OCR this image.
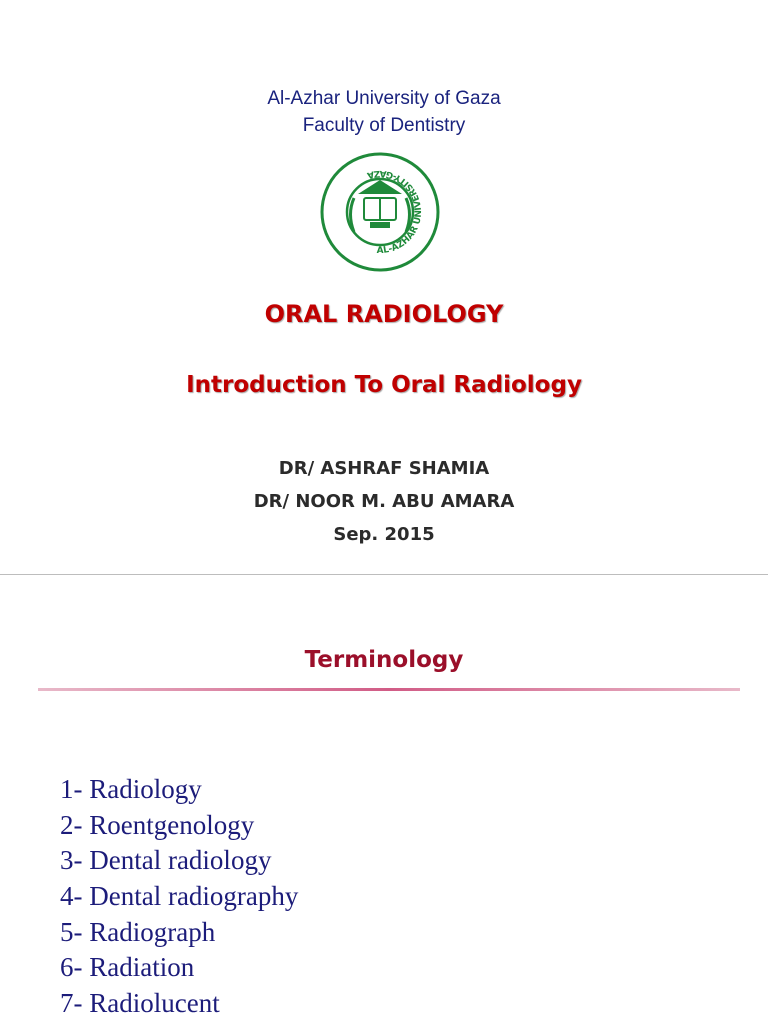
Al-Azhar University of Gaza
Faculty of Dentistry
AL-AZHAR UNIVERSITY-GAZA
ORAL RADIOLOGY
Introduction To Oral Radiology
DR/ ASHRAF SHAMIA
DR/ NOOR M. ABU AMARA
Sep. 2015
Terminology
1- Radiology
2- Roentgenology
3- Dental radiology
4- Dental radiography
5- Radiograph
6- Radiation
7- Radiolucent
